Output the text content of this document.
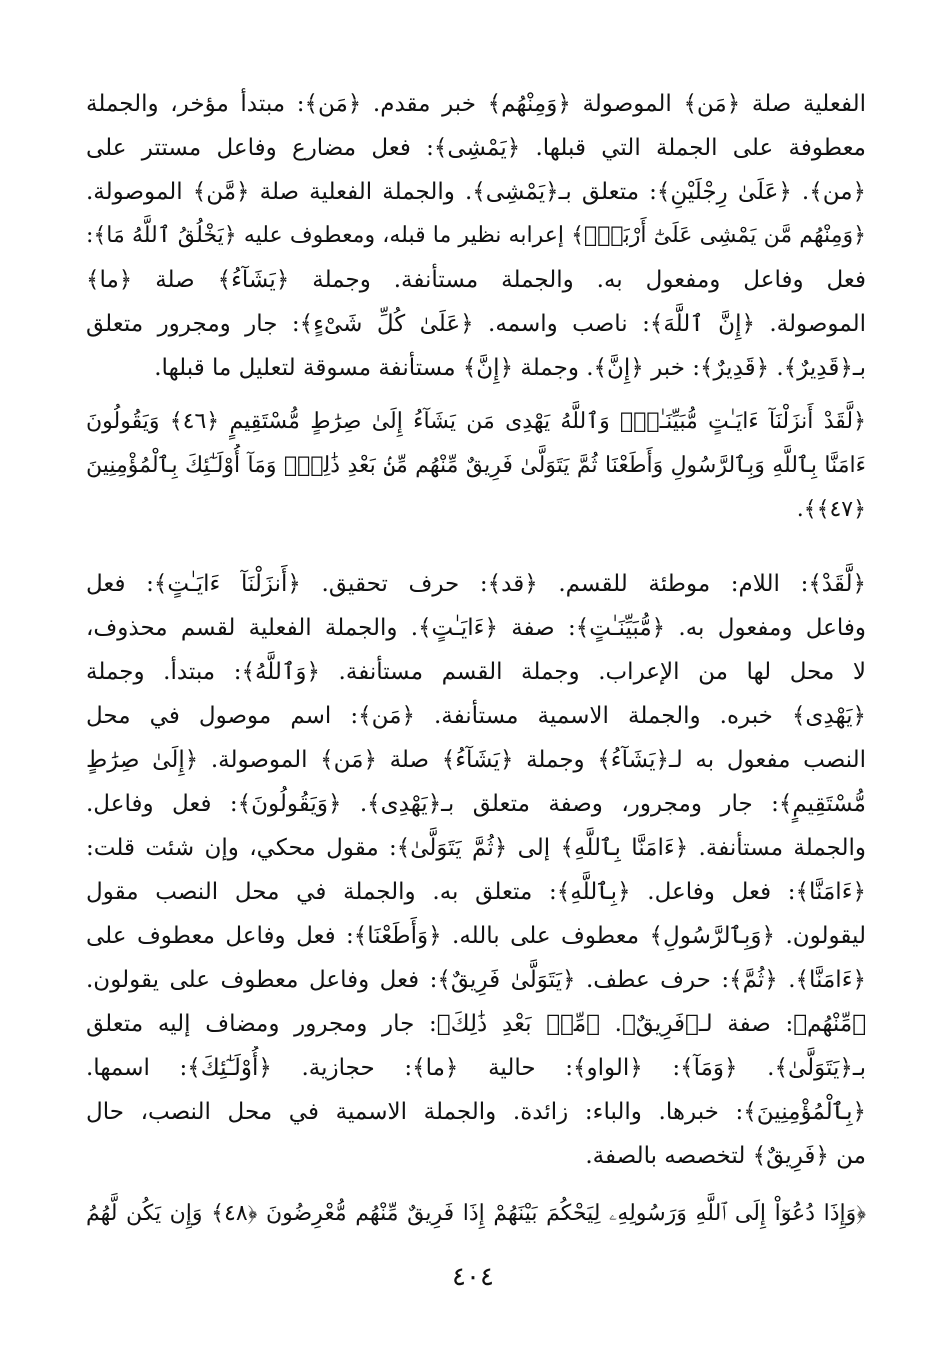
الفعلية صلة ﴿مَن﴾ الموصولة ﴿وَمِنْهُم﴾ خبر مقدم. ﴿مَن﴾: مبتدأ مؤخر، والجملة
معطوفة على الجملة التي قبلها. ﴿يَمْشِى﴾: فعل مضارع وفاعل مستتر على
﴿من﴾. ﴿عَلَىٰ رِجْلَيْنِ﴾: متعلق بـ﴿يَمْشِى﴾. والجملة الفعلية صلة ﴿مَّن﴾ الموصولة.
﴿وَمِنْهُم مَّن يَمْشِى عَلَىٰٓ أَرْبَعٍۚ﴾ إعرابه نظير ما قبله، ومعطوف عليه ﴿يَخْلُقُ ٱللَّهُ مَا﴾:
فعل وفاعل ومفعول به. والجملة مستأنفة. وجملة ﴿يَشَآءُ﴾ صلة ﴿ما﴾
الموصولة. ﴿إِنَّ ٱللَّهَ﴾: ناصب واسمه. ﴿عَلَىٰ كُلِّ شَىْءٍ﴾: جار ومجرور متعلق
بـ﴿قَدِيرٌ﴾. ﴿قَدِيرٌ﴾: خبر ﴿إِنَّ﴾. وجملة ﴿إِنَّ﴾ مستأنفة مسوقة لتعليل ما قبلها.
﴿لَّقَدْ أَنزَلْنَآ ءَايَـٰتٍ مُّبَيِّنَـٰتٍۚ وَٱللَّهُ يَهْدِى مَن يَشَآءُ إِلَىٰ صِرَٰطٍ مُّسْتَقِيمٍ ﴿٤٦﴾ وَيَقُولُونَ
ءَامَنَّا بِٱللَّهِ وَبِٱلرَّسُولِ وَأَطَعْنَا ثُمَّ يَتَوَلَّىٰ فَرِيقٌ مِّنْهُم مِّنۢ بَعْدِ ذَٰلِكَۚ وَمَآ أُوْلَـٰٓئِكَ بِٱلْمُؤْمِنِينَ
﴿٤٧﴾﴾.
﴿لَّقَدْ﴾: اللام: موطئة للقسم. ﴿قد﴾: حرف تحقيق. ﴿أَنزَلْنَآ ءَايَـٰتٍ﴾: فعل
وفاعل ومفعول به. ﴿مُّبَيِّنَـٰتٍ﴾: صفة ﴿ءَايَـٰتٍ﴾. والجملة الفعلية لقسم محذوف،
لا محل لها من الإعراب. وجملة القسم مستأنفة. ﴿وَٱللَّهُ﴾: مبتدأ. وجملة
﴿يَهْدِى﴾ خبره. والجملة الاسمية مستأنفة. ﴿مَن﴾: اسم موصول في محل
النصب مفعول به لـ﴿يَشَآءُ﴾ وجملة ﴿يَشَآءُ﴾ صلة ﴿مَن﴾ الموصولة. ﴿إِلَىٰ صِرَٰطٍ
مُّسْتَقِيمٍ﴾: جار ومجرور، وصفة متعلق بـ﴿يَهْدِى﴾. ﴿وَيَقُولُونَ﴾: فعل وفاعل.
والجملة مستأنفة. ﴿ءَامَنَّا بِٱللَّهِ﴾ إلى ﴿ثُمَّ يَتَوَلَّىٰ﴾: مقول محكي، وإن شئت قلت:
﴿ءَامَنَّا﴾: فعل وفاعل. ﴿بِٱللَّهِ﴾: متعلق به. والجملة في محل النصب مقول
ليقولون. ﴿وَبِٱلرَّسُولِ﴾ معطوف على بالله. ﴿وَأَطَعْنَا﴾: فعل وفاعل معطوف على
﴿ءَامَنَّا﴾. ﴿ثُمَّ﴾: حرف عطف. ﴿يَتَوَلَّىٰ فَرِيقٌ﴾: فعل وفاعل معطوف على يقولون.
﴿مِّنْهُم﴾: صفة لـ﴿فَرِيقٌ﴾. ﴿مِّنۢ بَعْدِ ذَٰلِكَ﴾: جار ومجرور ومضاف إليه متعلق
بـ﴿يَتَوَلَّىٰ﴾. ﴿وَمَآ﴾: ﴿الواو﴾: حالية ﴿ما﴾: حجازية. ﴿أُوْلَـٰٓئِكَ﴾: اسمها.
﴿بِٱلْمُؤْمِنِينَ﴾: خبرها. والباء: زائدة. والجملة الاسمية في محل النصب، حال
من ﴿فَرِيقٌ﴾ لتخصصه بالصفة.
﴿وَإِذَا دُعُوٓاْ إِلَى ٱللَّهِ وَرَسُولِهِۦ لِيَحْكُمَ بَيْنَهُمْ إِذَا فَرِيقٌ مِّنْهُم مُّعْرِضُونَ ﴿٤٨﴾ وَإِن يَكُن لَّهُمُ
٤٠٤
